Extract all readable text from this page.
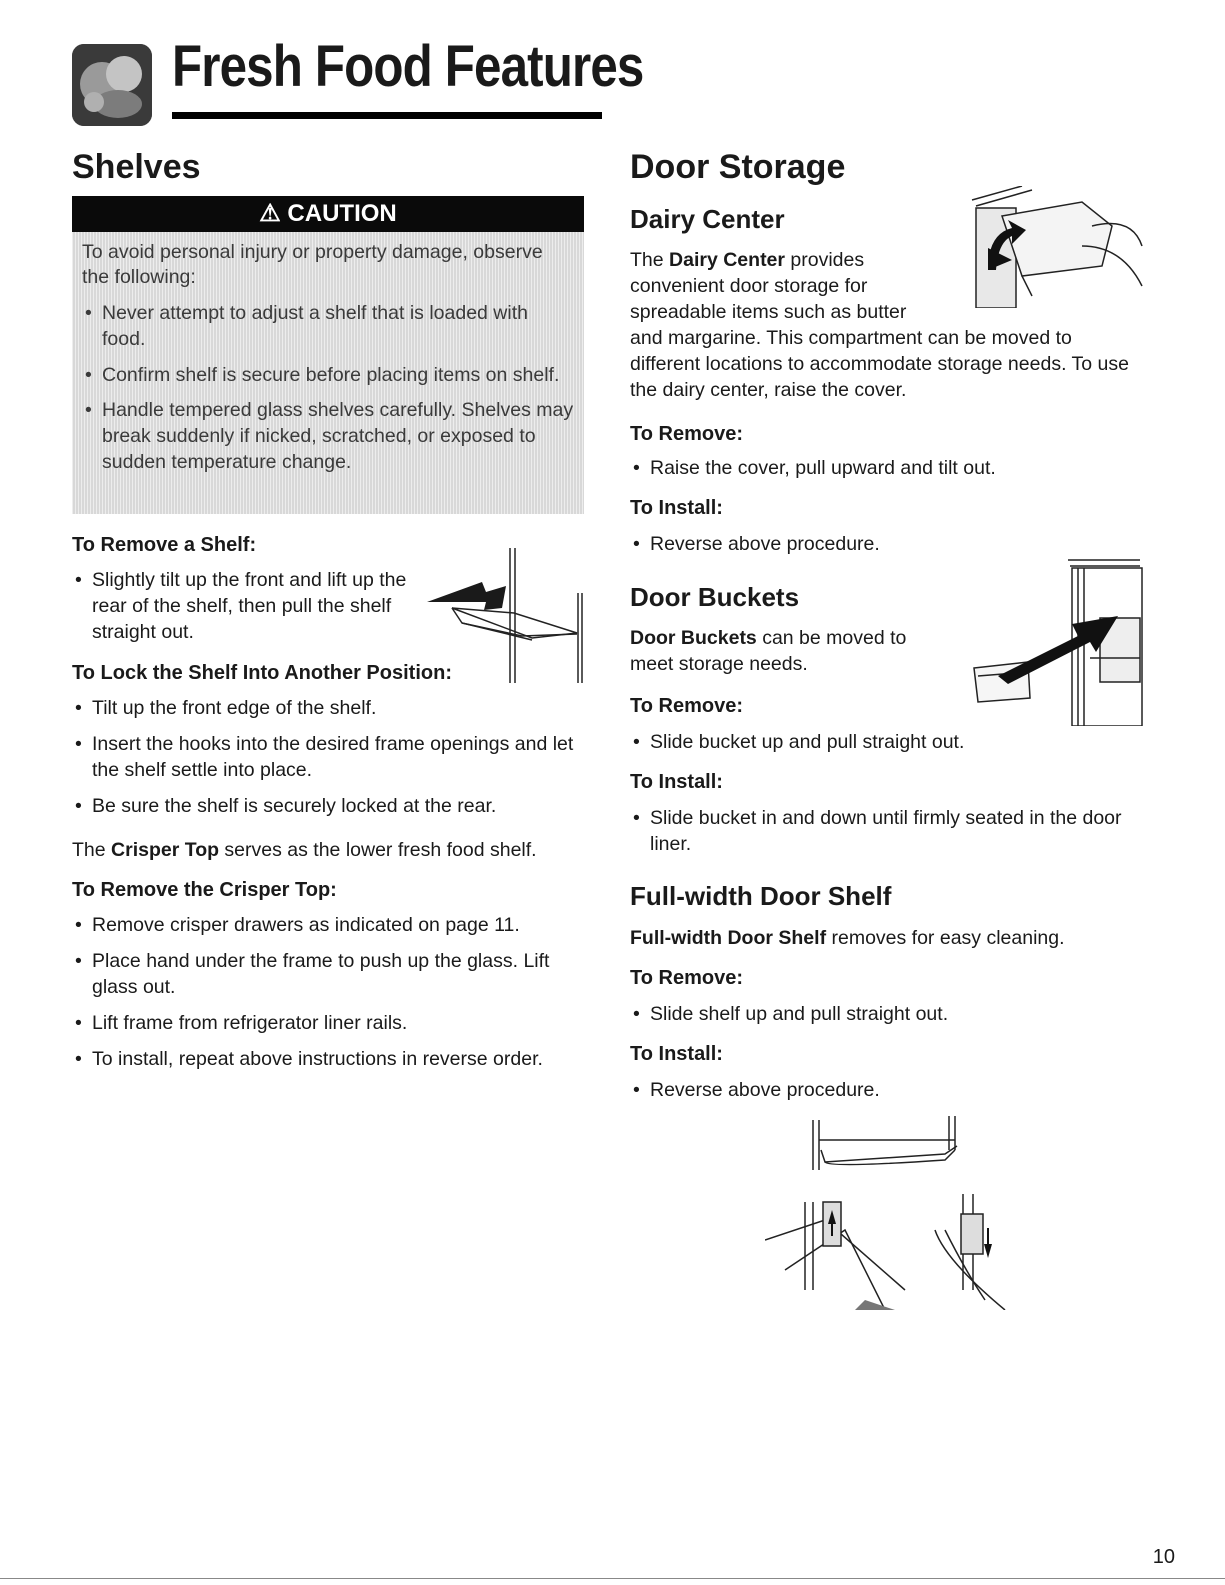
Fresh Food Features
Shelves
⚠ CAUTION

To avoid personal injury or property damage, observe the following:

• Never attempt to adjust a shelf that is loaded with food.
• Confirm shelf is secure before placing items on shelf.
• Handle tempered glass shelves carefully. Shelves may break suddenly if nicked, scratched, or exposed to sudden temperature change.

To Remove a Shelf:

• Slightly tilt up the front and lift up the rear of the shelf, then pull the shelf straight out.

To Lock the Shelf Into Another Position:

• Tilt up the front edge of the shelf.
• Insert the hooks into the desired frame openings and let the shelf settle into place.
• Be sure the shelf is securely locked at the rear.

The Crisper Top serves as the lower fresh food shelf.

To Remove the Crisper Top:

• Remove crisper drawers as indicated on page 11.
• Place hand under the frame to push up the glass. Lift glass out.
• Lift frame from refrigerator liner rails.
• To install, repeat above instructions in reverse order.
Door Storage
Dairy Center

The Dairy Center provides

convenient door storage for

spreadable items such as butter

and margarine. This compartment can be moved to different locations to accommodate storage needs. To use the dairy center, raise the cover.

To Remove:

• Raise the cover, pull upward and tilt out.

To Install:

• Reverse above procedure.
Door Buckets

Door Buckets can be moved to

meet storage needs.

To Remove:

• Slide bucket up and pull straight out.

To Install:

• Slide bucket in and down until firmly seated in the door liner.
Full-width Door Shelf

Full-width Door Shelf removes for easy cleaning.

To Remove:

• Slide shelf up and pull straight out.

To Install:

• Reverse above procedure.
10
